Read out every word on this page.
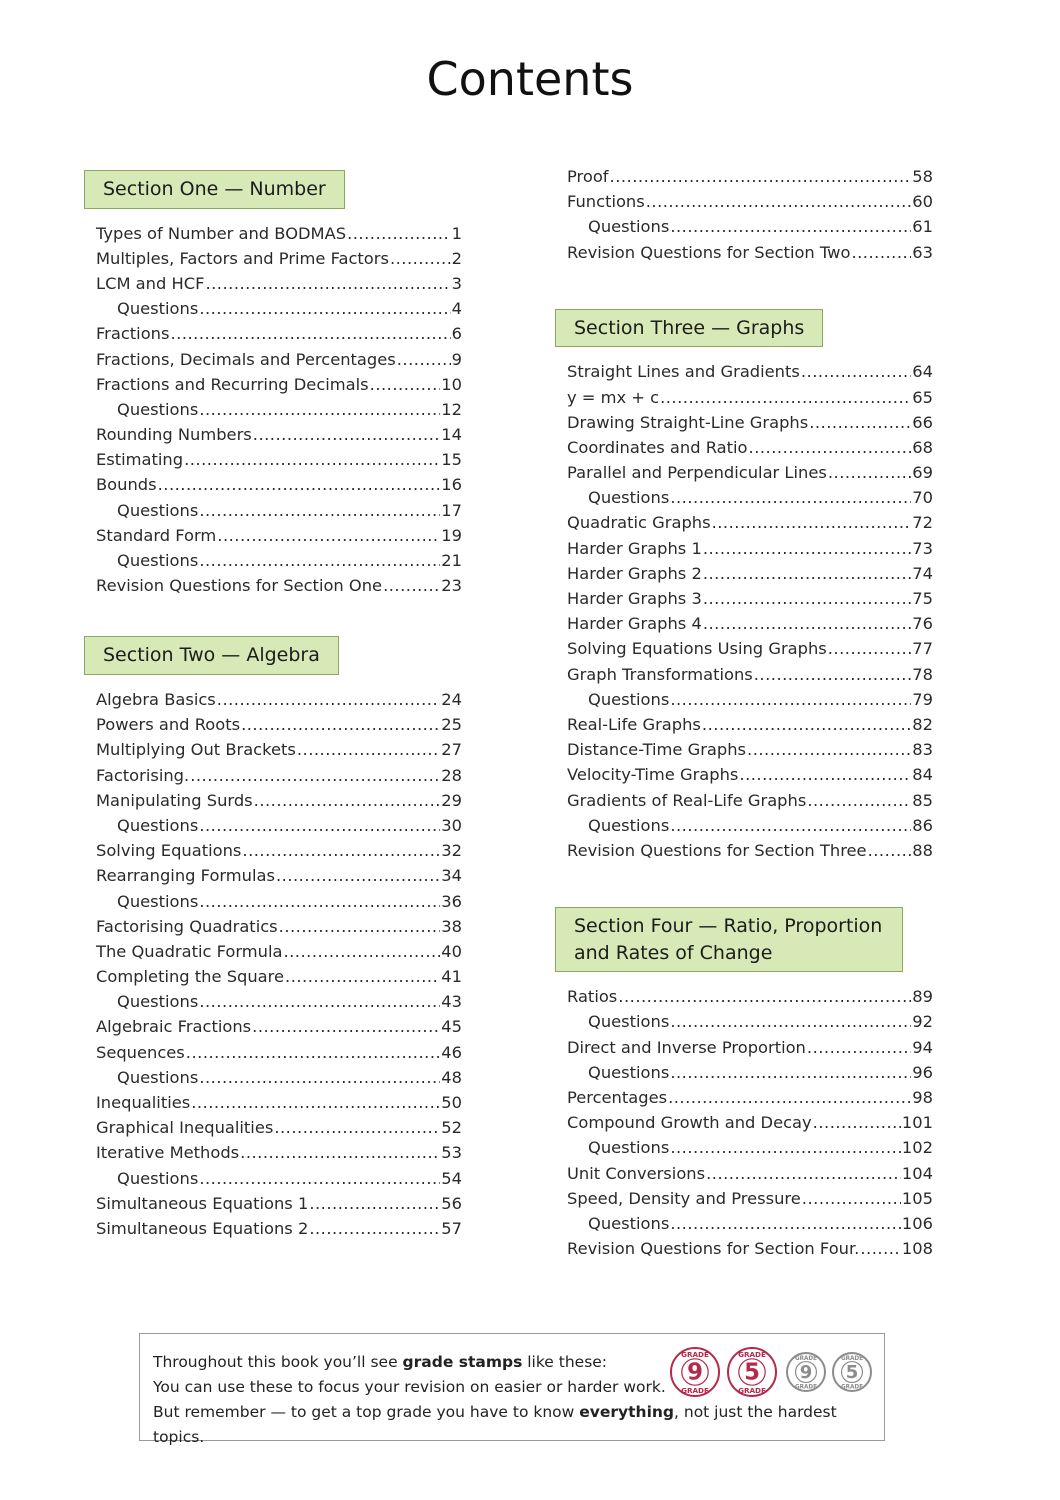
Contents
Section One — Number
Types of Number and BODMAS .....	1
Multiples, Factors and Prime Factors .....	2
LCM and HCF .....	3
Questions .....	4
Fractions .....	6
Fractions, Decimals and Percentages .....	9
Fractions and Recurring Decimals .....	10
Questions .....	12
Rounding Numbers .....	14
Estimating .....	15
Bounds .....	16
Questions .....	17
Standard Form .....	19
Questions .....	21
Revision Questions for Section One .....	23
Section Two — Algebra
Algebra Basics .....	24
Powers and Roots .....	25
Multiplying Out Brackets .....	27
Factorising. .....	28
Manipulating Surds .....	29
Questions .....	30
Solving Equations .....	32
Rearranging Formulas .....	34
Questions .....	36
Factorising Quadratics .....	38
The Quadratic Formula .....	40
Completing the Square .....	41
Questions .....	43
Algebraic Fractions .....	45
Sequences .....	46
Questions .....	48
Inequalities .....	50
Graphical Inequalities .....	52
Iterative Methods .....	53
Questions .....	54
Simultaneous Equations 1 .....	56
Simultaneous Equations 2 .....	57
Proof .....	58
Functions .....	60
Questions .....	61
Revision Questions for Section Two .....	63
Section Three — Graphs
Straight Lines and Gradients .....	64
y = mx + c .....	65
Drawing Straight-Line Graphs .....	66
Coordinates and Ratio .....	68
Parallel and Perpendicular Lines .....	69
Questions .....	70
Quadratic Graphs .....	72
Harder Graphs 1 .....	73
Harder Graphs 2 .....	74
Harder Graphs 3 .....	75
Harder Graphs 4 .....	76
Solving Equations Using Graphs .....	77
Graph Transformations .....	78
Questions .....	79
Real-Life Graphs .....	82
Distance-Time Graphs .....	83
Velocity-Time Graphs .....	84
Gradients of Real-Life Graphs .....	85
Questions .....	86
Revision Questions for Section Three .....	88
Section Four — Ratio, Proportion
and Rates of Change
Ratios .....	89
Questions .....	92
Direct and Inverse Proportion .....	94
Questions .....	96
Percentages .....	98
Compound Growth and Decay .....	101
Questions .....	102
Unit Conversions .....	104
Speed, Density and Pressure .....	105
Questions .....	106
Revision Questions for Section Four. .....	108
Throughout this book you’ll see grade stamps like these:
You can use these to focus your revision on easier or harder work.
But remember — to get a top grade you have to know everything, not just the hardest topics.
9
GRADE
GRADE
5
GRADE
GRADE
9
GRADE
GRADE
5
GRADE
GRADE
